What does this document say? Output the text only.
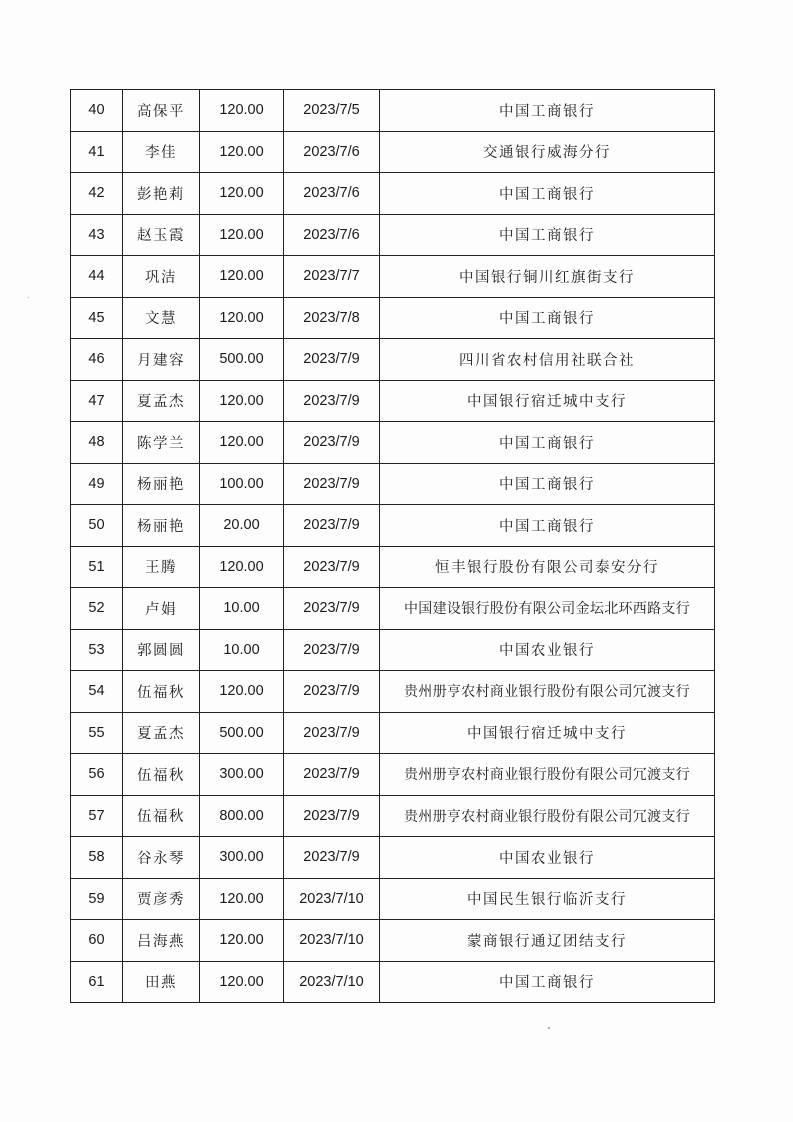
40	高保平	120.00	2023/7/5	中国工商银行
41	李佳	120.00	2023/7/6	交通银行威海分行
42	彭艳莉	120.00	2023/7/6	中国工商银行
43	赵玉霞	120.00	2023/7/6	中国工商银行
44	巩洁	120.00	2023/7/7	中国银行铜川红旗街支行
45	文慧	120.00	2023/7/8	中国工商银行
46	月建容	500.00	2023/7/9	四川省农村信用社联合社
47	夏孟杰	120.00	2023/7/9	中国银行宿迁城中支行
48	陈学兰	120.00	2023/7/9	中国工商银行
49	杨丽艳	100.00	2023/7/9	中国工商银行
50	杨丽艳	20.00	2023/7/9	中国工商银行
51	王腾	120.00	2023/7/9	恒丰银行股份有限公司泰安分行
52	卢娟	10.00	2023/7/9	中国建设银行股份有限公司金坛北环西路支行
53	郭圆圆	10.00	2023/7/9	中国农业银行
54	伍福秋	120.00	2023/7/9	贵州册亨农村商业银行股份有限公司冗渡支行
55	夏孟杰	500.00	2023/7/9	中国银行宿迁城中支行
56	伍福秋	300.00	2023/7/9	贵州册亨农村商业银行股份有限公司冗渡支行
57	伍福秋	800.00	2023/7/9	贵州册亨农村商业银行股份有限公司冗渡支行
58	谷永琴	300.00	2023/7/9	中国农业银行
59	贾彦秀	120.00	2023/7/10	中国民生银行临沂支行
60	吕海燕	120.00	2023/7/10	蒙商银行通辽团结支行
61	田燕	120.00	2023/7/10	中国工商银行
